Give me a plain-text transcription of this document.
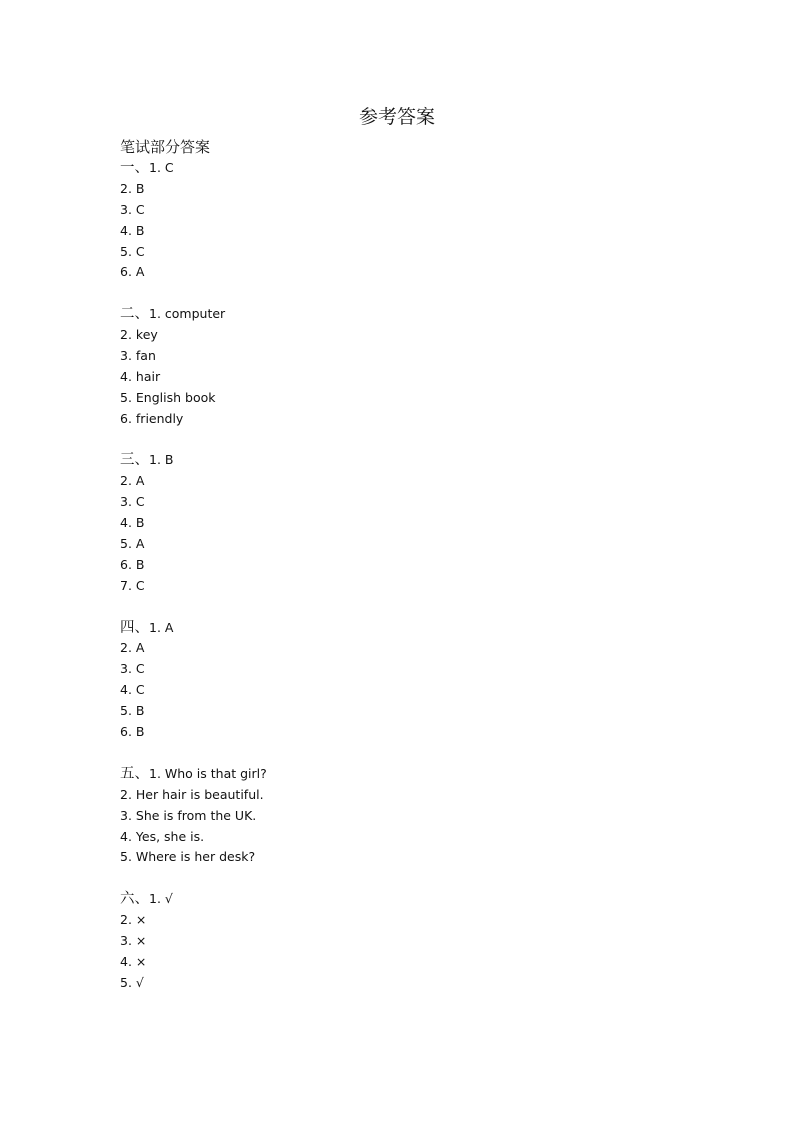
参考答案
笔试部分答案
一、1. C
2. B
3. C
4. B
5. C
6. A
二、1. computer
2. key
3. fan
4. hair
5. English book
6. friendly
三、1. B
2. A
3. C
4. B
5. A
6. B
7. C
四、1. A
2. A
3. C
4. C
5. B
6. B
五、1. Who is that girl?
2. Her hair is beautiful.
3. She is from the UK.
4. Yes, she is.
5. Where is her desk?
六、1. √
2. ×
3. ×
4. ×
5. √
